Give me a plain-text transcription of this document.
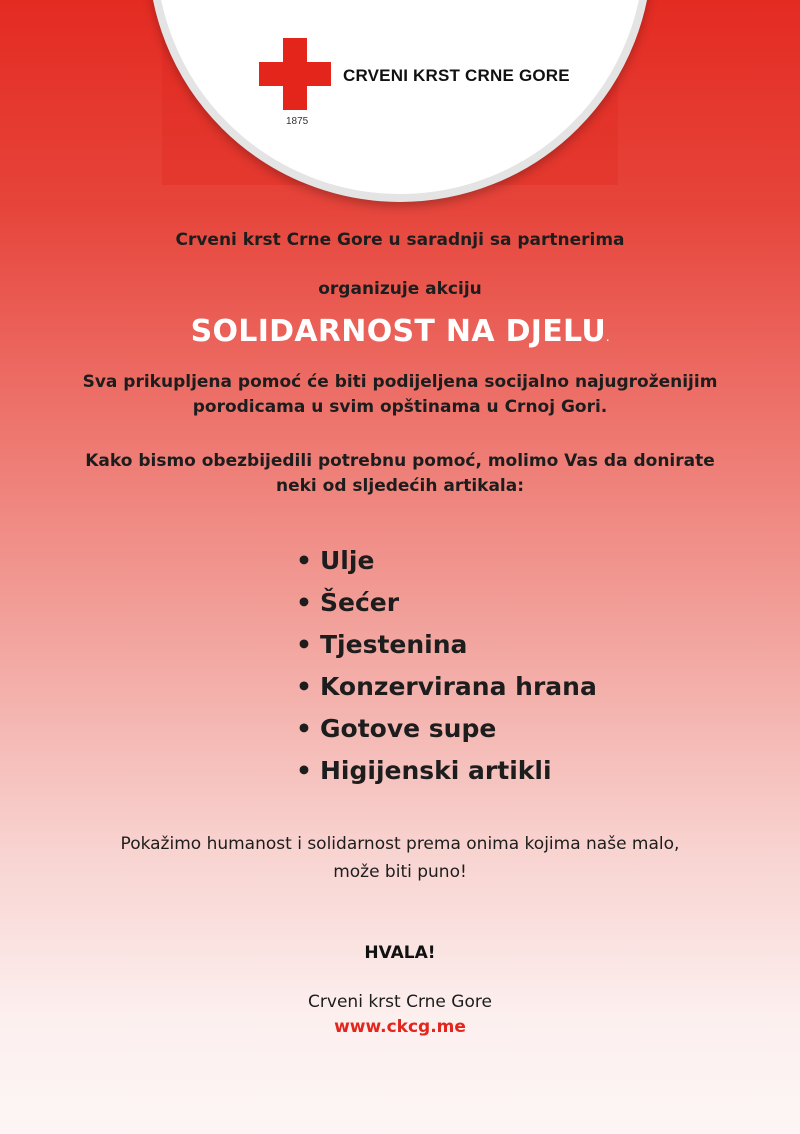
CRVENI KRST CRNE GORE
1875
Crveni krst Crne Gore u saradnji sa partnerima
organizuje akciju
SOLIDARNOST NA DJELU.
Sva prikupljena pomoć će biti podijeljena socijalno najugroženijim
porodicama u svim opštinama u Crnoj Gori.
Kako bismo obezbijedili potrebnu pomoć, molimo Vas da donirate
neki od sljedećih artikala:
• Ulje
• Šećer
• Tjestenina
• Konzervirana hrana
• Gotove supe
• Higijenski artikli
Pokažimo humanost i solidarnost prema onima kojima naše malo,
može biti puno!
HVALA!
Crveni krst Crne Gore
www.ckcg.me
